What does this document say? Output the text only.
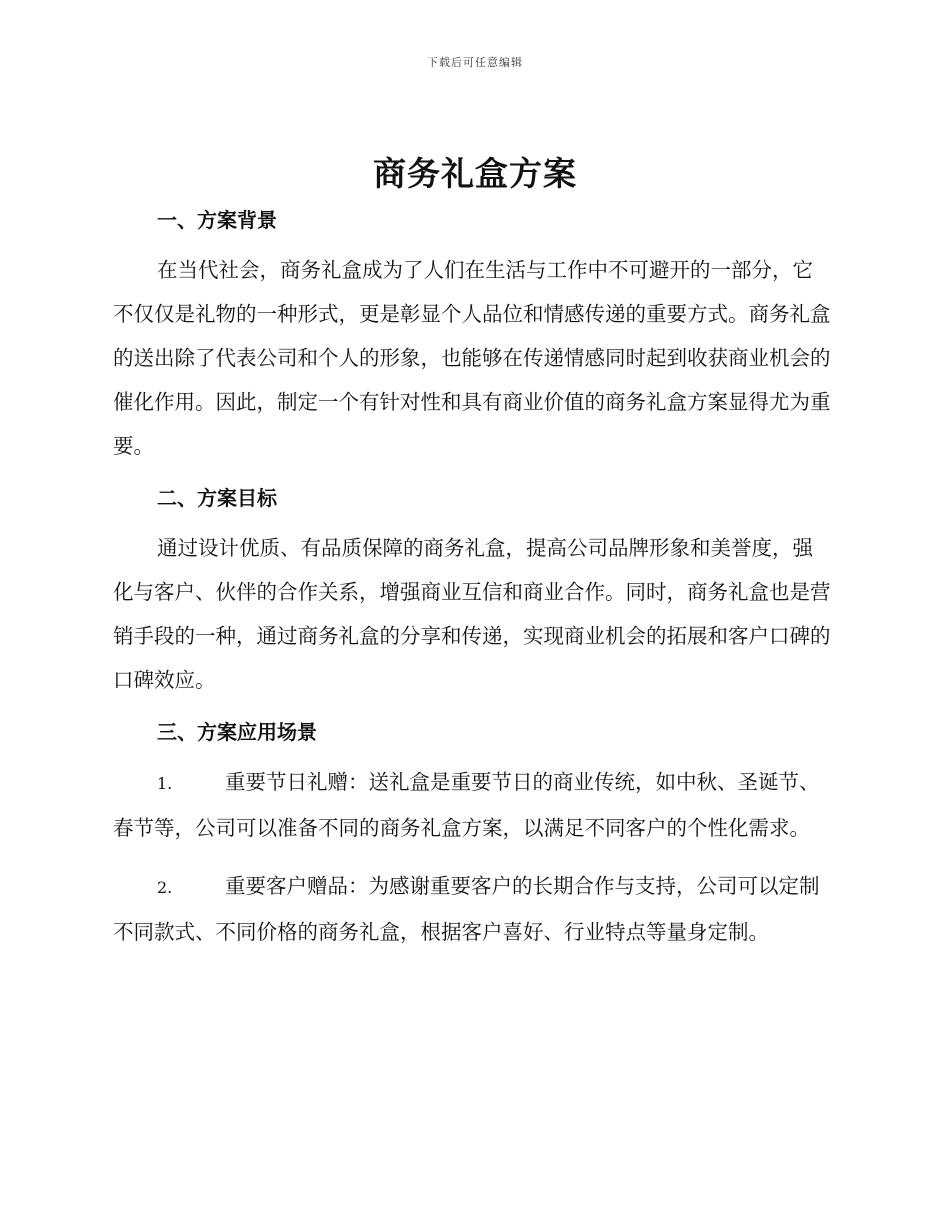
下载后可任意编辑
商务礼盒方案
一、方案背景

在当代社会，商务礼盒成为了人们在生活与工作中不可避开的一部分，它不仅仅是礼物的一种形式，更是彰显个人品位和情感传递的重要方式。商务礼盒的送出除了代表公司和个人的形象，也能够在传递情感同时起到收获商业机会的催化作用。因此，制定一个有针对性和具有商业价值的商务礼盒方案显得尤为重要。

二、方案目标

通过设计优质、有品质保障的商务礼盒，提高公司品牌形象和美誉度，强化与客户、伙伴的合作关系，增强商业互信和商业合作。同时，商务礼盒也是营销手段的一种，通过商务礼盒的分享和传递，实现商业机会的拓展和客户口碑的口碑效应。

三、方案应用场景

1.	重要节日礼赠：送礼盒是重要节日的商业传统，如中秋、圣诞节、春节等，公司可以准备不同的商务礼盒方案，以满足不同客户的个性化需求。

2.	重要客户赠品：为感谢重要客户的长期合作与支持，公司可以定制不同款式、不同价格的商务礼盒，根据客户喜好、行业特点等量身定制。
